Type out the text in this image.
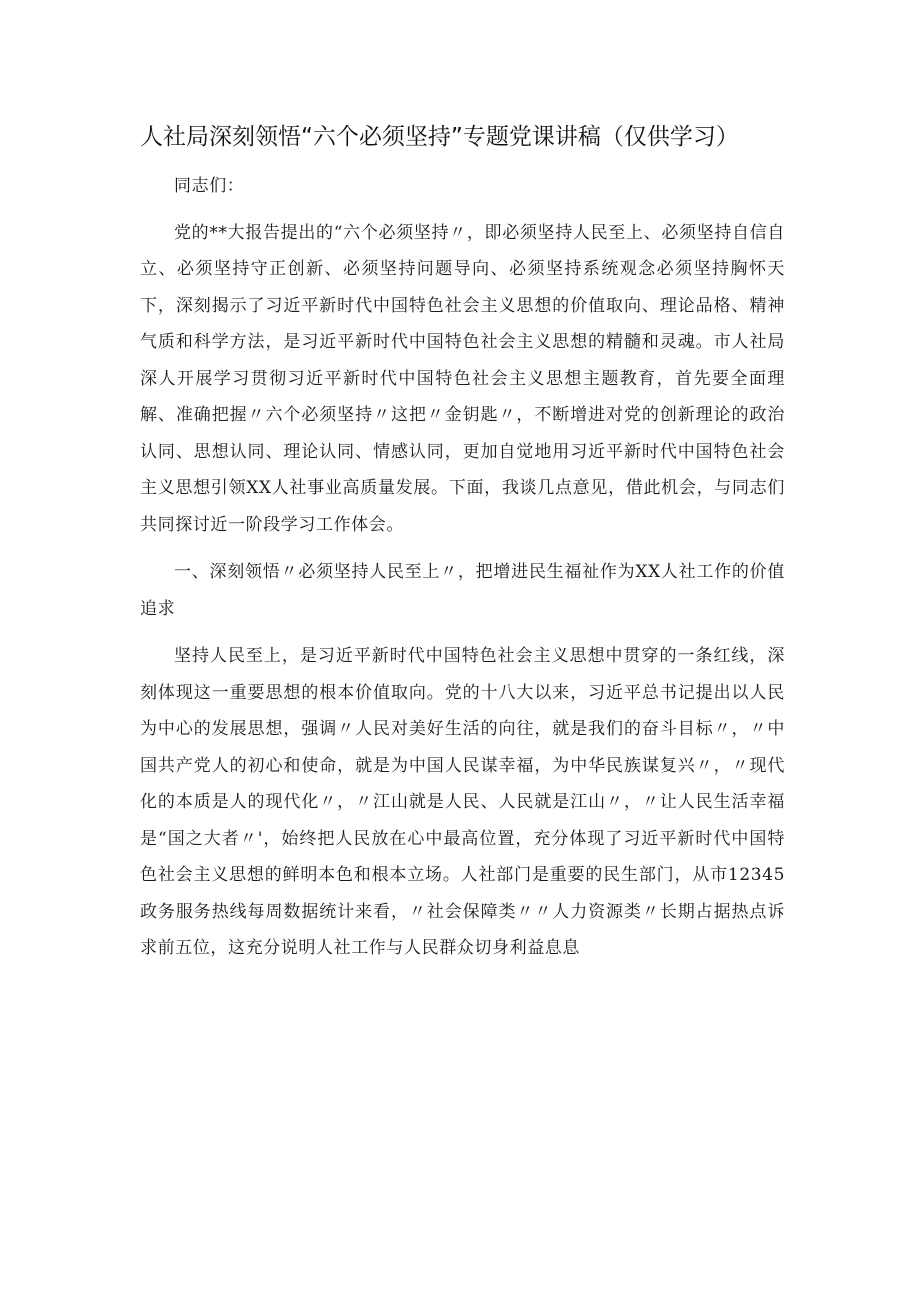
人社局深刻领悟“六个必须坚持”专题党课讲稿（仅供学习）

同志们：

党的**大报告提出的“六个必须坚持〃，即必须坚持人民至上、必须坚持自信自立、必须坚持守正创新、必须坚持问题导向、必须坚持系统观念必须坚持胸怀天下，深刻揭示了习近平新时代中国特色社会主义思想的价值取向、理论品格、精神气质和科学方法，是习近平新时代中国特色社会主义思想的精髓和灵魂。市人社局深人开展学习贯彻习近平新时代中国特色社会主义思想主题教育，首先要全面理解、准确把握〃六个必须坚持〃这把〃金钥匙〃，不断增进对党的创新理论的政治认同、思想认同、理论认同、情感认同，更加自觉地用习近平新时代中国特色社会主义思想引领XX人社事业高质量发展。下面，我谈几点意见，借此机会，与同志们共同探讨近一阶段学习工作体会。

一、深刻领悟〃必须坚持人民至上〃，把增进民生福祉作为XX人社工作的价值追求

坚持人民至上，是习近平新时代中国特色社会主义思想中贯穿的一条红线，深刻体现这一重要思想的根本价值取向。党的十八大以来，习近平总书记提出以人民为中心的发展思想，强调〃人民对美好生活的向往，就是我们的奋斗目标〃，〃中国共产党人的初心和使命，就是为中国人民谋幸福，为中华民族谋复兴〃，〃现代化的本质是人的现代化〃，〃江山就是人民、人民就是江山〃，〃让人民生活幸福是“国之大者〃'，始终把人民放在心中最高位置，充分体现了习近平新时代中国特色社会主义思想的鲜明本色和根本立场。人社部门是重要的民生部门，从市12345政务服务热线每周数据统计来看，〃社会保障类〃〃人力资源类〃长期占据热点诉求前五位，这充分说明人社工作与人民群众切身利益息息
